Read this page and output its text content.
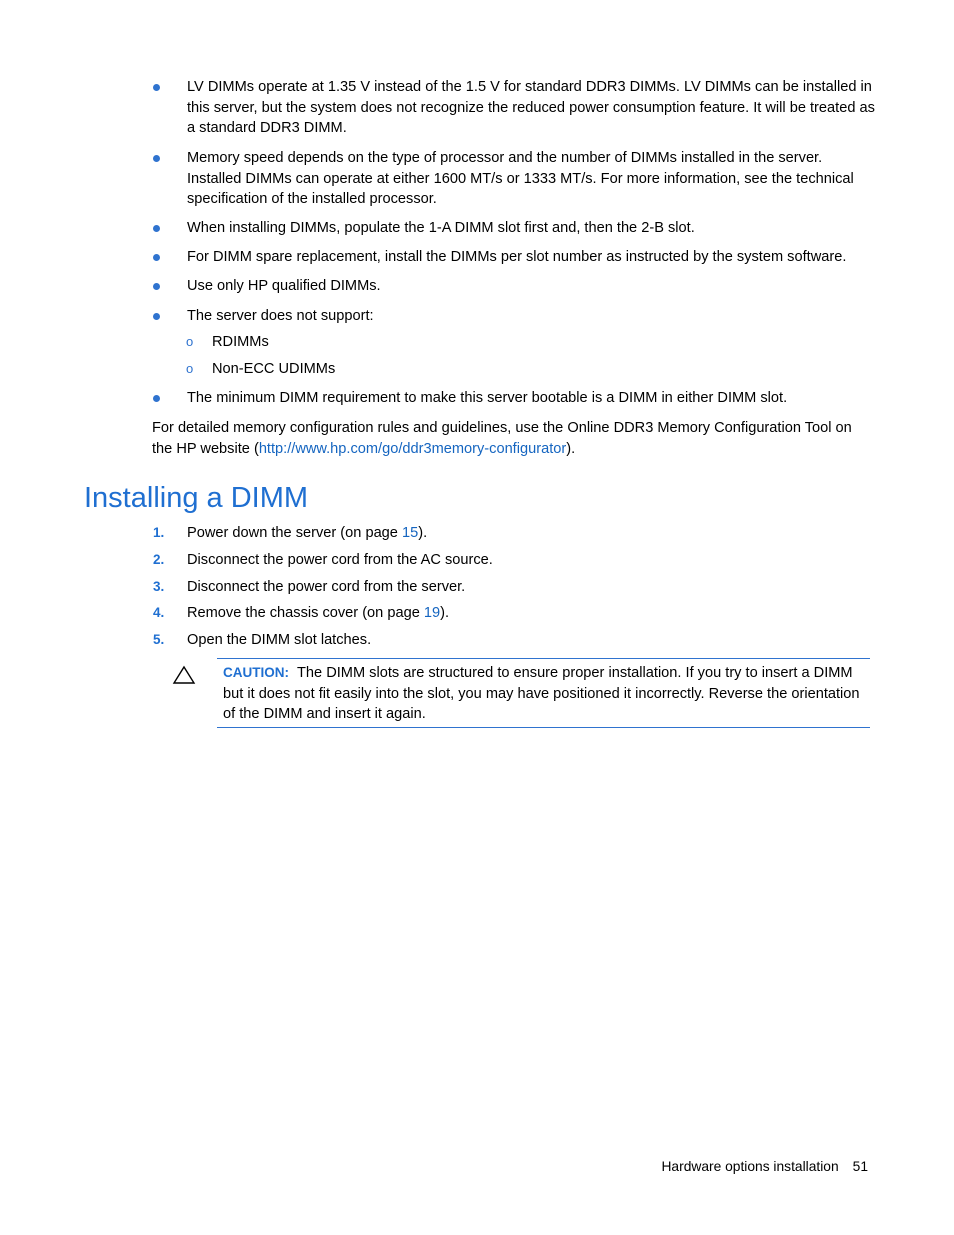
LV DIMMs operate at 1.35 V instead of the 1.5 V for standard DDR3 DIMMs. LV DIMMs can be installed in this server, but the system does not recognize the reduced power consumption feature. It will be treated as a standard DDR3 DIMM.
Memory speed depends on the type of processor and the number of DIMMs installed in the server. Installed DIMMs can operate at either 1600 MT/s or 1333 MT/s. For more information, see the technical specification of the installed processor.
When installing DIMMs, populate the 1-A DIMM slot first and, then the 2-B slot.
For DIMM spare replacement, install the DIMMs per slot number as instructed by the system software.
Use only HP qualified DIMMs.
The server does not support:
o RDIMMs
o Non-ECC UDIMMs
The minimum DIMM requirement to make this server bootable is a DIMM in either DIMM slot.
For detailed memory configuration rules and guidelines, use the Online DDR3 Memory Configuration Tool on the HP website (http://www.hp.com/go/ddr3memory-configurator).
Installing a DIMM
1. Power down the server (on page 15).
2. Disconnect the power cord from the AC source.
3. Disconnect the power cord from the server.
4. Remove the chassis cover (on page 19).
5. Open the DIMM slot latches.
CAUTION: The DIMM slots are structured to ensure proper installation. If you try to insert a DIMM but it does not fit easily into the slot, you may have positioned it incorrectly. Reverse the orientation of the DIMM and insert it again.
Hardware options installation 51
